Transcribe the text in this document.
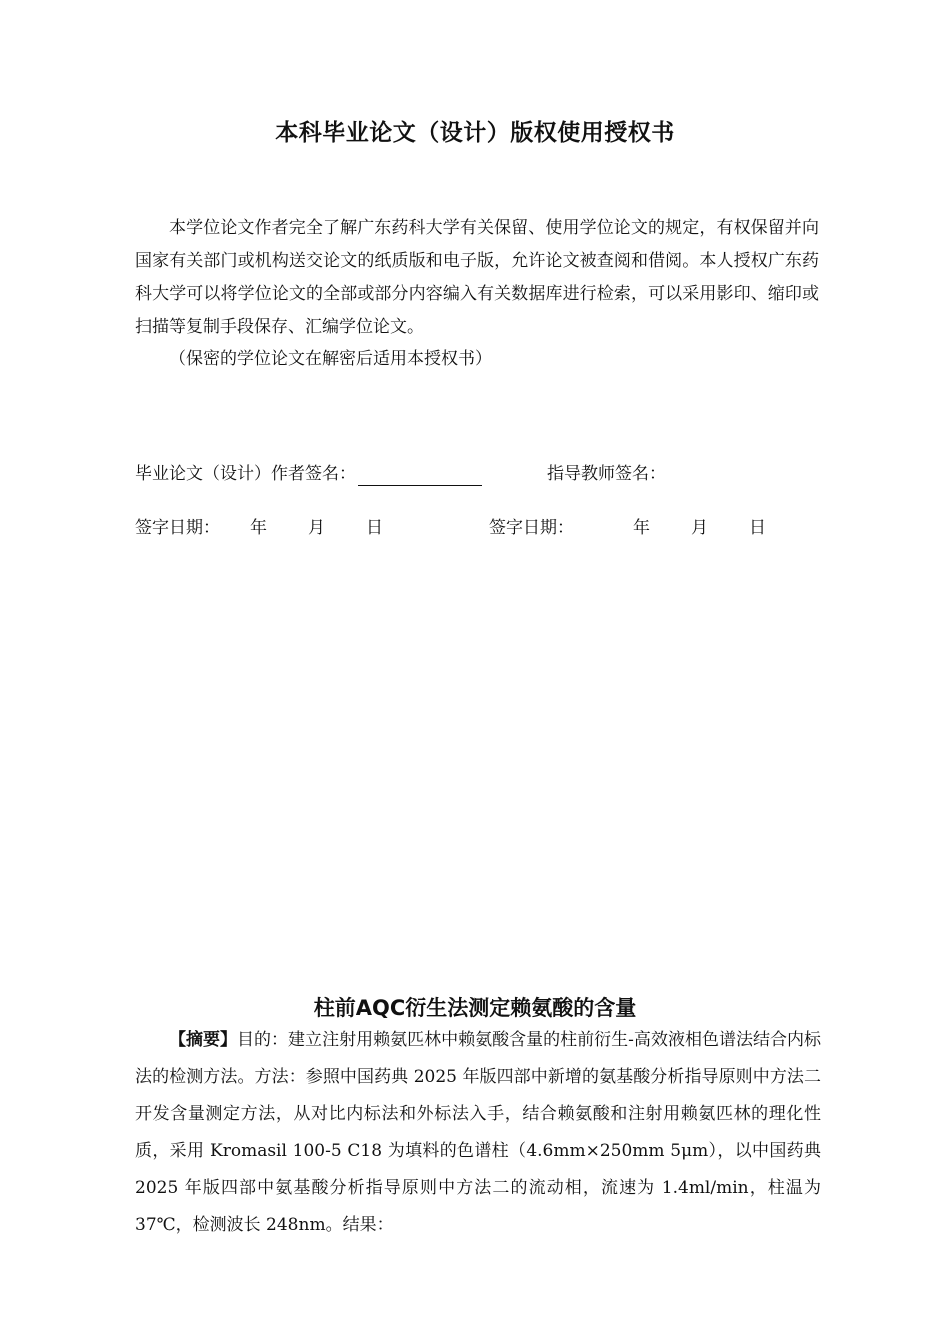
本科毕业论文（设计）版权使用授权书

本学位论文作者完全了解广东药科大学有关保留、使用学位论文的规定，有权保留并向国家有关部门或机构送交论文的纸质版和电子版，允许论文被查阅和借阅。本人授权广东药科大学可以将学位论文的全部或部分内容编入有关数据库进行检索，可以采用影印、缩印或扫描等复制手段保存、汇编学位论文。

（保密的学位论文在解密后适用本授权书）

毕业论文（设计）作者签名：	指导教师签名：
签字日期： 年 月 日	签字日期：	年 月 日
柱前AQC衍生法测定赖氨酸的含量

【摘要】目的：建立注射用赖氨匹林中赖氨酸含量的柱前衍生-高效液相色谱法结合内标法的检测方法。方法：参照中国药典 2025 年版四部中新增的氨基酸分析指导原则中方法二开发含量测定方法，从对比内标法和外标法入手，结合赖氨酸和注射用赖氨匹林的理化性质，采用 Kromasil 100-5 C18 为填料的色谱柱（4.6mm×250mm 5μm），以中国药典 2025 年版四部中氨基酸分析指导原则中方法二的流动相，流速为 1.4ml/min，柱温为 37℃，检测波长 248nm。结果：
